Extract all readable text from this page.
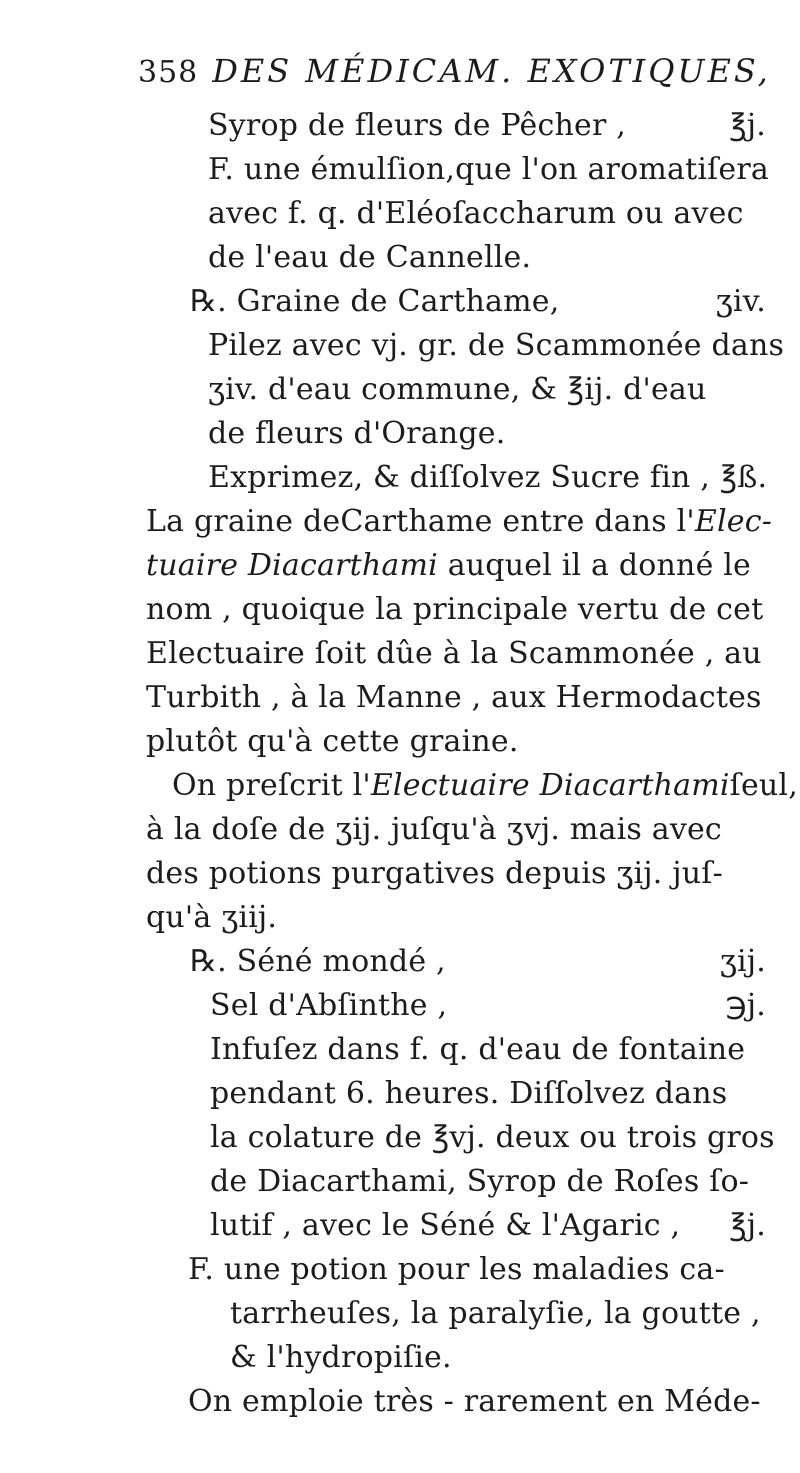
358 DES MÉDICAM. EXOTIQUES,
Syrop de fleurs de Pêcher ,	℥j.
F. une émulſion,que l'on aromatiſera
avec f. q. d'Eléoſaccharum ou avec
de l'eau de Cannelle.
℞. Graine de Carthame,	ʒiv.
Pilez avec vj. gr. de Scammonée dans
ʒiv. d'eau commune, & ℥ij. d'eau
de fleurs d'Orange.
Exprimez, & diſſolvez Sucre fin , ℥ß.
La graine deCarthame entre dans l'Elec-
tuaire Diacarthami auquel il a donné le
nom , quoique la principale vertu de cet
Electuaire ſoit dûe à la Scammonée , au
Turbith , à la Manne , aux Hermodactes
plutôt qu'à cette graine.
On preſcrit l'Electuaire Diacarthamiſeul,
à la doſe de ʒij. juſqu'à ʒvj. mais avec
des potions purgatives depuis ʒij. juſ-
qu'à ʒiij.
℞. Séné mondé ,	ʒij.
Sel d'Abſinthe ,	℈j.
Infuſez dans f. q. d'eau de fontaine
pendant 6. heures. Diſſolvez dans
la colature de ℥vj. deux ou trois gros
de Diacarthami, Syrop de Roſes ſo-
lutif , avec le Séné & l'Agaric , ℥j.
F. une potion pour les maladies ca-
tarrheuſes, la paralyſie, la goutte ,
& l'hydropiſie.
On emploie très - rarement en Méde-
